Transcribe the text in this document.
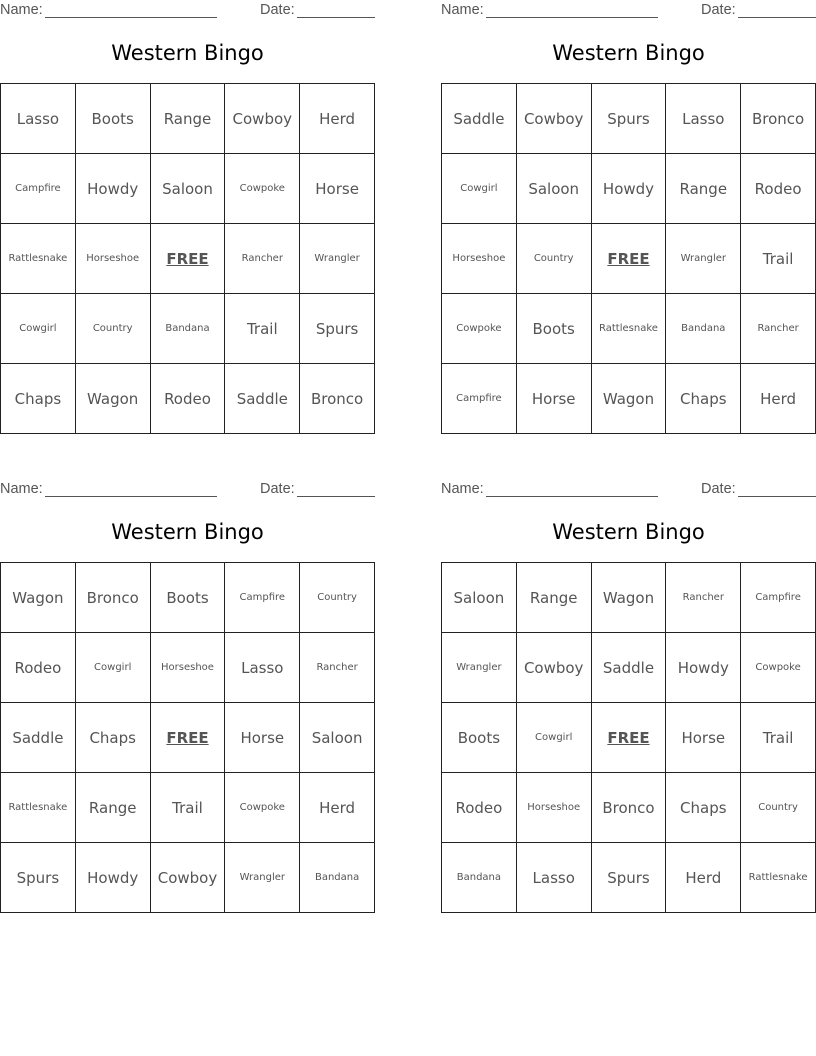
Name:	Date:
Western Bingo
Lasso	Boots	Range	Cowboy	Herd
Campfire	Howdy	Saloon	Cowpoke	Horse
Rattlesnake	Horseshoe	FREE	Rancher	Wrangler
Cowgirl	Country	Bandana	Trail	Spurs
Chaps	Wagon	Rodeo	Saddle	Bronco
Name:	Date:
Western Bingo
Saddle	Cowboy	Spurs	Lasso	Bronco
Cowgirl	Saloon	Howdy	Range	Rodeo
Horseshoe	Country	FREE	Wrangler	Trail
Cowpoke	Boots	Rattlesnake	Bandana	Rancher
Campfire	Horse	Wagon	Chaps	Herd
Name:	Date:
Western Bingo
Wagon	Bronco	Boots	Campfire	Country
Rodeo	Cowgirl	Horseshoe	Lasso	Rancher
Saddle	Chaps	FREE	Horse	Saloon
Rattlesnake	Range	Trail	Cowpoke	Herd
Spurs	Howdy	Cowboy	Wrangler	Bandana
Name:	Date:
Western Bingo
Saloon	Range	Wagon	Rancher	Campfire
Wrangler	Cowboy	Saddle	Howdy	Cowpoke
Boots	Cowgirl	FREE	Horse	Trail
Rodeo	Horseshoe	Bronco	Chaps	Country
Bandana	Lasso	Spurs	Herd	Rattlesnake
